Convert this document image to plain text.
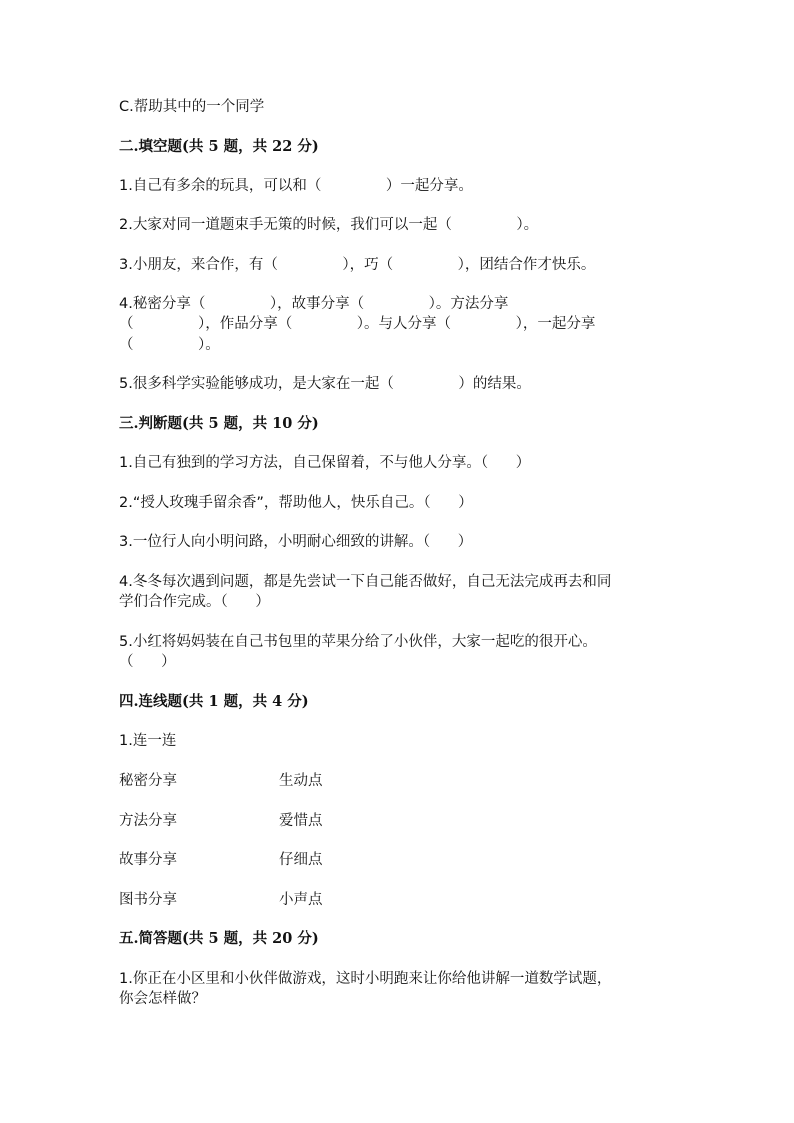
C.帮助其中的一个同学
二.填空题(共 5 题，共 22 分)
1.自己有多余的玩具，可以和（              ）一起分享。
2.大家对同一道题束手无策的时候，我们可以一起（              ）。
3.小朋友，来合作，有（              ），巧（              ），团结合作才快乐。
4.秘密分享（              ），故事分享（              ）。方法分享
（              ），作品分享（              ）。与人分享（              ），一起分享
（              ）。
5.很多科学实验能够成功，是大家在一起（              ）的结果。
三.判断题(共 5 题，共 10 分)
1.自己有独到的学习方法，自己保留着，不与他人分享。（      ）
2.“授人玫瑰手留余香”，帮助他人，快乐自己。（      ）
3.一位行人向小明问路，小明耐心细致的讲解。（      ）
4.冬冬每次遇到问题，都是先尝试一下自己能否做好，自己无法完成再去和同
学们合作完成。（      ）
5.小红将妈妈装在自己书包里的苹果分给了小伙伴，大家一起吃的很开心。
（      ）
四.连线题(共 1 题，共 4 分)
1.连一连
秘密分享	生动点
方法分享	爱惜点
故事分享	仔细点
图书分享	小声点
五.简答题(共 5 题，共 20 分)
1.你正在小区里和小伙伴做游戏，这时小明跑来让你给他讲解一道数学试题，
你会怎样做？
